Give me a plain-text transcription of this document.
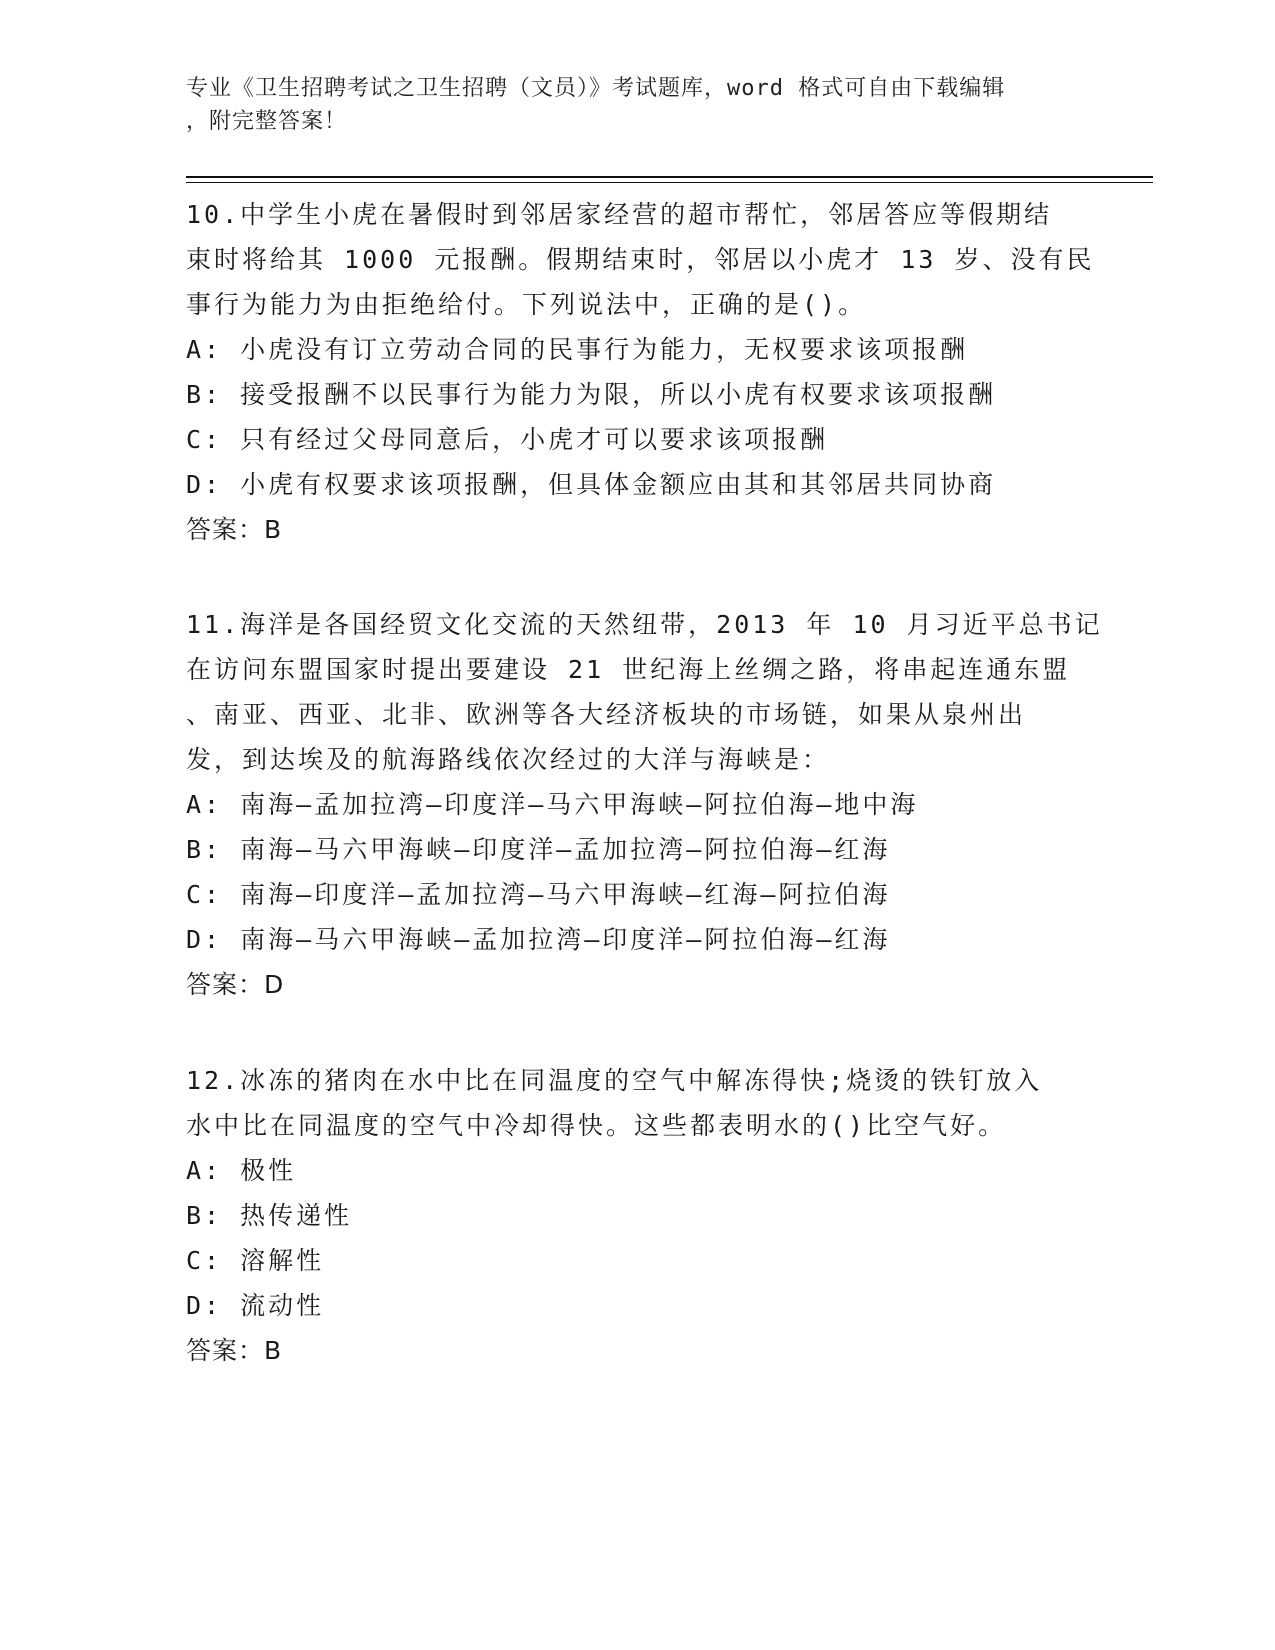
专业《卫生招聘考试之卫生招聘（文员）》考试题库，word 格式可自由下载编辑
，附完整答案！
10.中学生小虎在暑假时到邻居家经营的超市帮忙，邻居答应等假期结
束时将给其 1000 元报酬。假期结束时，邻居以小虎才 13 岁、没有民
事行为能力为由拒绝给付。下列说法中，正确的是()。
A: 小虎没有订立劳动合同的民事行为能力，无权要求该项报酬
B: 接受报酬不以民事行为能力为限，所以小虎有权要求该项报酬
C: 只有经过父母同意后，小虎才可以要求该项报酬
D: 小虎有权要求该项报酬，但具体金额应由其和其邻居共同协商
答案：B
11.海洋是各国经贸文化交流的天然纽带，2013 年 10 月习近平总书记
在访问东盟国家时提出要建设 21 世纪海上丝绸之路，将串起连通东盟
、南亚、西亚、北非、欧洲等各大经济板块的市场链，如果从泉州出
发，到达埃及的航海路线依次经过的大洋与海峡是：
A: 南海—孟加拉湾—印度洋—马六甲海峡—阿拉伯海—地中海
B: 南海—马六甲海峡—印度洋—孟加拉湾—阿拉伯海—红海
C: 南海—印度洋—孟加拉湾—马六甲海峡—红海—阿拉伯海
D: 南海—马六甲海峡—孟加拉湾—印度洋—阿拉伯海—红海
答案：D
12.冰冻的猪肉在水中比在同温度的空气中解冻得快;烧烫的铁钉放入
水中比在同温度的空气中冷却得快。这些都表明水的()比空气好。
A: 极性
B: 热传递性
C: 溶解性
D: 流动性
答案：B
